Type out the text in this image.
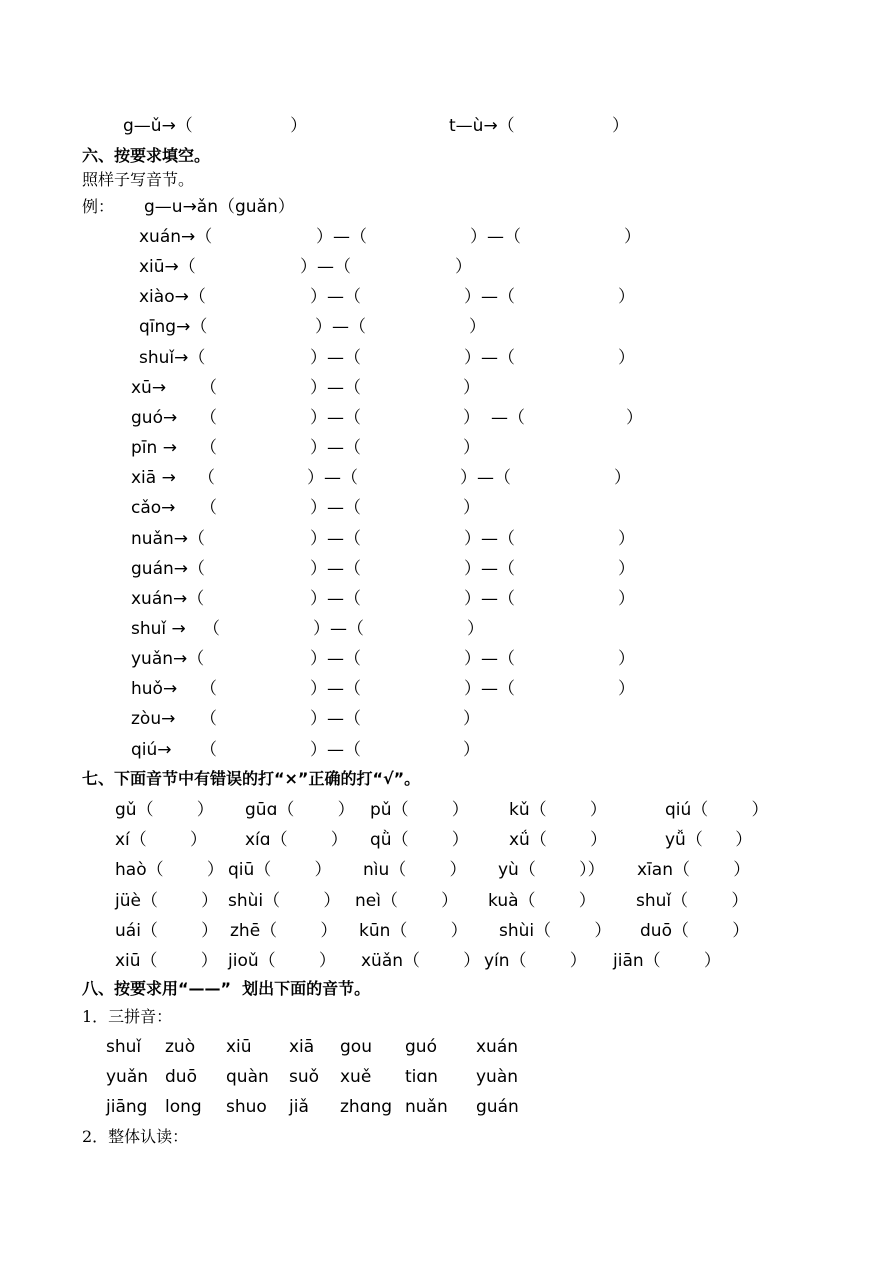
g—ǔ→（                  ）	t—ù→（                  ）
六、按要求填空。
照样子写音节。
例： g—u→ǎn（guǎn）
xuán→（	）—（	）—（	）
xiū→（	）—（	）
xiào→（	）—（	）—（	）
qīng→（	）—（	）
shuǐ→（	）—（	）—（	）
xū→ （	）—（	）
guó→ （	）—（	） —（	）
pīn → （	）—（	）
xiā → （	）—（	）—（	）
cǎo→ （	）—（	）
nuǎn→（	）—（	）—（	）
guán→（	）—（	）—（	）
xuán→（	）—（	）—（	）
shuǐ → （	）—（	）
yuǎn→（	）—（	）—（	）
huǒ→ （	）—（	）—（	）
zòu→ （	）—（	）
qiú→ （	）—（	）
七、下面音节中有错误的打“×”正确的打“√”。
gǔ（        ） gūɑ（        ） pǔ（        ） kǔ（        ）	qiú（        ）
xí（        ） xíɑ（        ） qǜ（        ） xǘ（        ）	yǚ（      ）
haò（        ） qiū（        ） nìu（        ） yù（        ）） xīan（        ）
jüè（        ） shùi（        ） neì（        ） kuà（        ） shuǐ（        ）
uái（        ） zhē（        ） kūn（        ） shùi（        ） duō（        ）
xiū（        ） jioǔ（        ） xüǎn（        ） yín（        ） jiān（        ）
八、按要求用“——”  划出下面的音节。
1．三拼音：
shuǐ zuò xiū xiā gou guó xuán
yuǎn duō quàn suǒ xuě tiɑn yuàn
jiāng long shuo jiǎ zhɑng nuǎn guán
2．整体认读：
